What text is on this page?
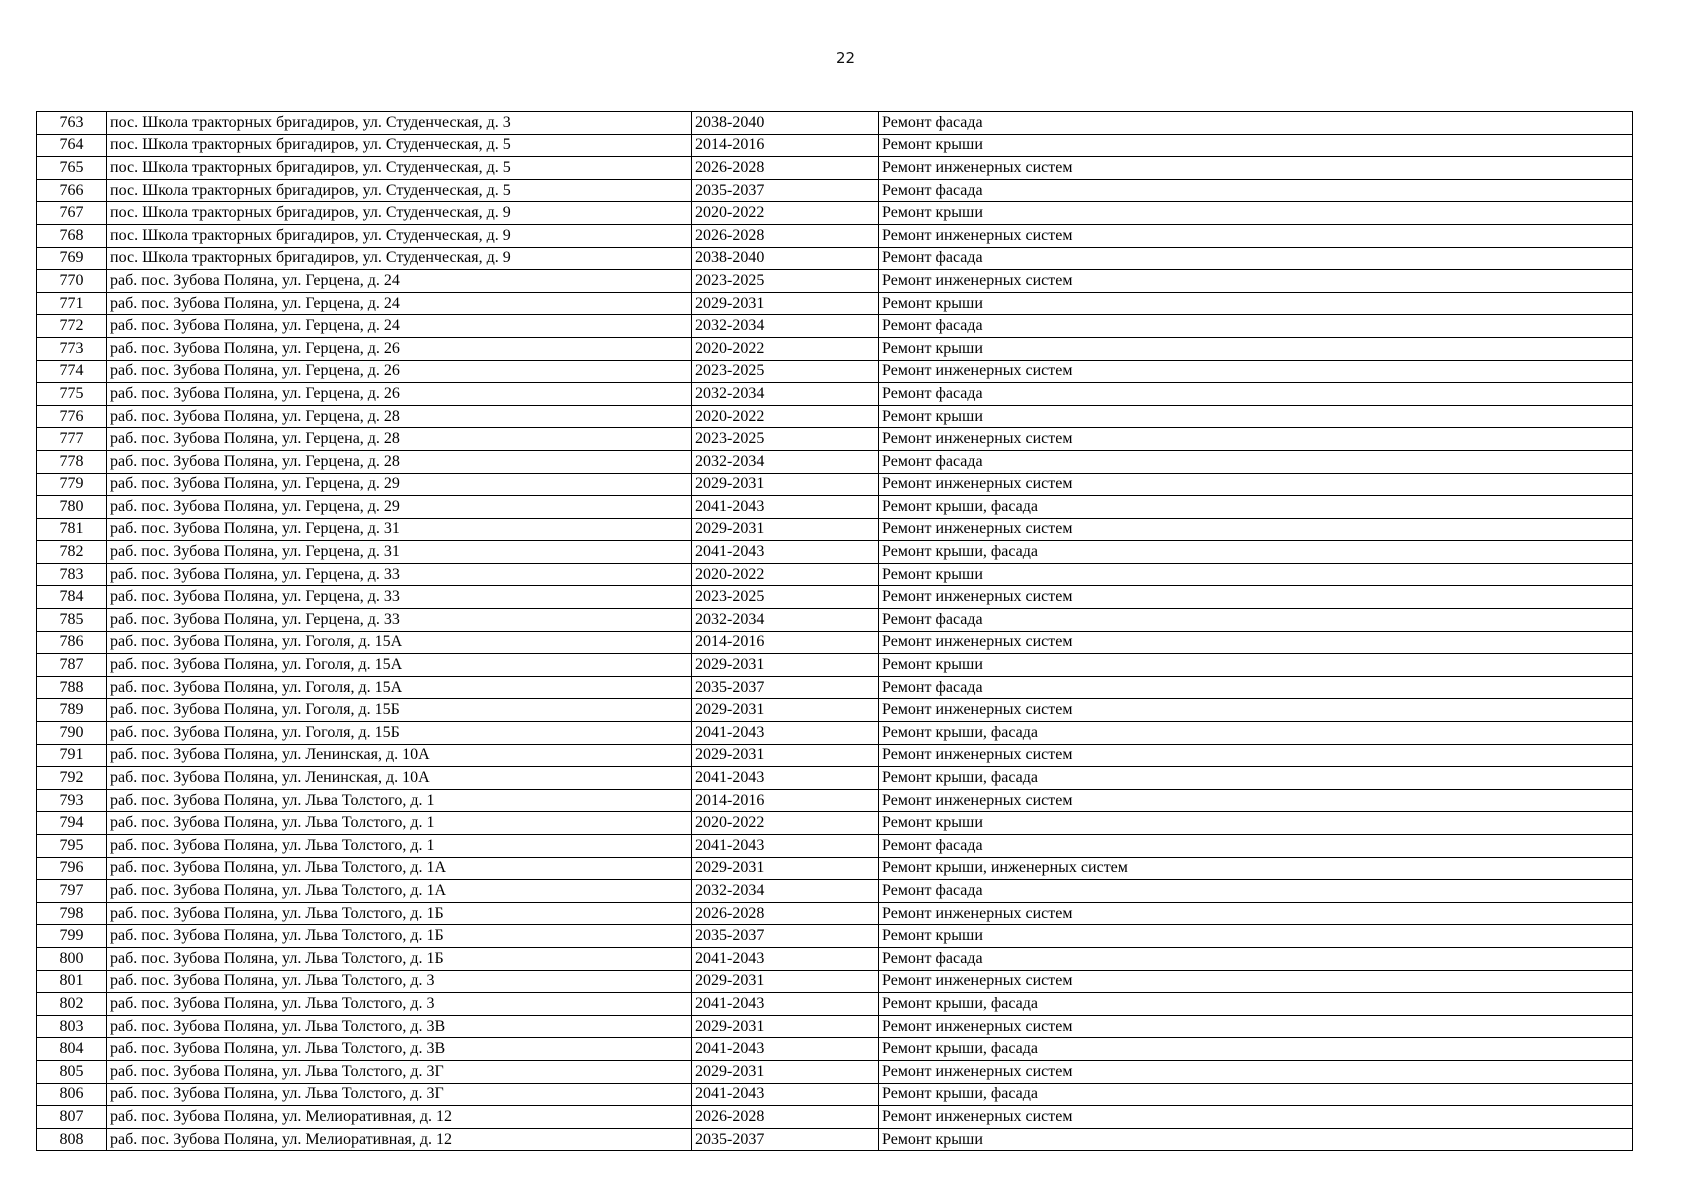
22
763	пос. Школа тракторных бригадиров, ул. Студенческая, д. 3	2038-2040	Ремонт фасада
764	пос. Школа тракторных бригадиров, ул. Студенческая, д. 5	2014-2016	Ремонт крыши
765	пос. Школа тракторных бригадиров, ул. Студенческая, д. 5	2026-2028	Ремонт инженерных систем
766	пос. Школа тракторных бригадиров, ул. Студенческая, д. 5	2035-2037	Ремонт фасада
767	пос. Школа тракторных бригадиров, ул. Студенческая, д. 9	2020-2022	Ремонт крыши
768	пос. Школа тракторных бригадиров, ул. Студенческая, д. 9	2026-2028	Ремонт инженерных систем
769	пос. Школа тракторных бригадиров, ул. Студенческая, д. 9	2038-2040	Ремонт фасада
770	раб. пос. Зубова Поляна, ул. Герцена, д. 24	2023-2025	Ремонт инженерных систем
771	раб. пос. Зубова Поляна, ул. Герцена, д. 24	2029-2031	Ремонт крыши
772	раб. пос. Зубова Поляна, ул. Герцена, д. 24	2032-2034	Ремонт фасада
773	раб. пос. Зубова Поляна, ул. Герцена, д. 26	2020-2022	Ремонт крыши
774	раб. пос. Зубова Поляна, ул. Герцена, д. 26	2023-2025	Ремонт инженерных систем
775	раб. пос. Зубова Поляна, ул. Герцена, д. 26	2032-2034	Ремонт фасада
776	раб. пос. Зубова Поляна, ул. Герцена, д. 28	2020-2022	Ремонт крыши
777	раб. пос. Зубова Поляна, ул. Герцена, д. 28	2023-2025	Ремонт инженерных систем
778	раб. пос. Зубова Поляна, ул. Герцена, д. 28	2032-2034	Ремонт фасада
779	раб. пос. Зубова Поляна, ул. Герцена, д. 29	2029-2031	Ремонт инженерных систем
780	раб. пос. Зубова Поляна, ул. Герцена, д. 29	2041-2043	Ремонт крыши, фасада
781	раб. пос. Зубова Поляна, ул. Герцена, д. 31	2029-2031	Ремонт инженерных систем
782	раб. пос. Зубова Поляна, ул. Герцена, д. 31	2041-2043	Ремонт крыши, фасада
783	раб. пос. Зубова Поляна, ул. Герцена, д. 33	2020-2022	Ремонт крыши
784	раб. пос. Зубова Поляна, ул. Герцена, д. 33	2023-2025	Ремонт инженерных систем
785	раб. пос. Зубова Поляна, ул. Герцена, д. 33	2032-2034	Ремонт фасада
786	раб. пос. Зубова Поляна, ул. Гоголя, д. 15А	2014-2016	Ремонт инженерных систем
787	раб. пос. Зубова Поляна, ул. Гоголя, д. 15А	2029-2031	Ремонт крыши
788	раб. пос. Зубова Поляна, ул. Гоголя, д. 15А	2035-2037	Ремонт фасада
789	раб. пос. Зубова Поляна, ул. Гоголя, д. 15Б	2029-2031	Ремонт инженерных систем
790	раб. пос. Зубова Поляна, ул. Гоголя, д. 15Б	2041-2043	Ремонт крыши, фасада
791	раб. пос. Зубова Поляна, ул. Ленинская, д. 10А	2029-2031	Ремонт инженерных систем
792	раб. пос. Зубова Поляна, ул. Ленинская, д. 10А	2041-2043	Ремонт крыши, фасада
793	раб. пос. Зубова Поляна, ул. Льва Толстого, д. 1	2014-2016	Ремонт инженерных систем
794	раб. пос. Зубова Поляна, ул. Льва Толстого, д. 1	2020-2022	Ремонт крыши
795	раб. пос. Зубова Поляна, ул. Льва Толстого, д. 1	2041-2043	Ремонт фасада
796	раб. пос. Зубова Поляна, ул. Льва Толстого, д. 1А	2029-2031	Ремонт крыши, инженерных систем
797	раб. пос. Зубова Поляна, ул. Льва Толстого, д. 1А	2032-2034	Ремонт фасада
798	раб. пос. Зубова Поляна, ул. Льва Толстого, д. 1Б	2026-2028	Ремонт инженерных систем
799	раб. пос. Зубова Поляна, ул. Льва Толстого, д. 1Б	2035-2037	Ремонт крыши
800	раб. пос. Зубова Поляна, ул. Льва Толстого, д. 1Б	2041-2043	Ремонт фасада
801	раб. пос. Зубова Поляна, ул. Льва Толстого, д. 3	2029-2031	Ремонт инженерных систем
802	раб. пос. Зубова Поляна, ул. Льва Толстого, д. 3	2041-2043	Ремонт крыши, фасада
803	раб. пос. Зубова Поляна, ул. Льва Толстого, д. 3В	2029-2031	Ремонт инженерных систем
804	раб. пос. Зубова Поляна, ул. Льва Толстого, д. 3В	2041-2043	Ремонт крыши, фасада
805	раб. пос. Зубова Поляна, ул. Льва Толстого, д. 3Г	2029-2031	Ремонт инженерных систем
806	раб. пос. Зубова Поляна, ул. Льва Толстого, д. 3Г	2041-2043	Ремонт крыши, фасада
807	раб. пос. Зубова Поляна, ул. Мелиоративная, д. 12	2026-2028	Ремонт инженерных систем
808	раб. пос. Зубова Поляна, ул. Мелиоративная, д. 12	2035-2037	Ремонт крыши
